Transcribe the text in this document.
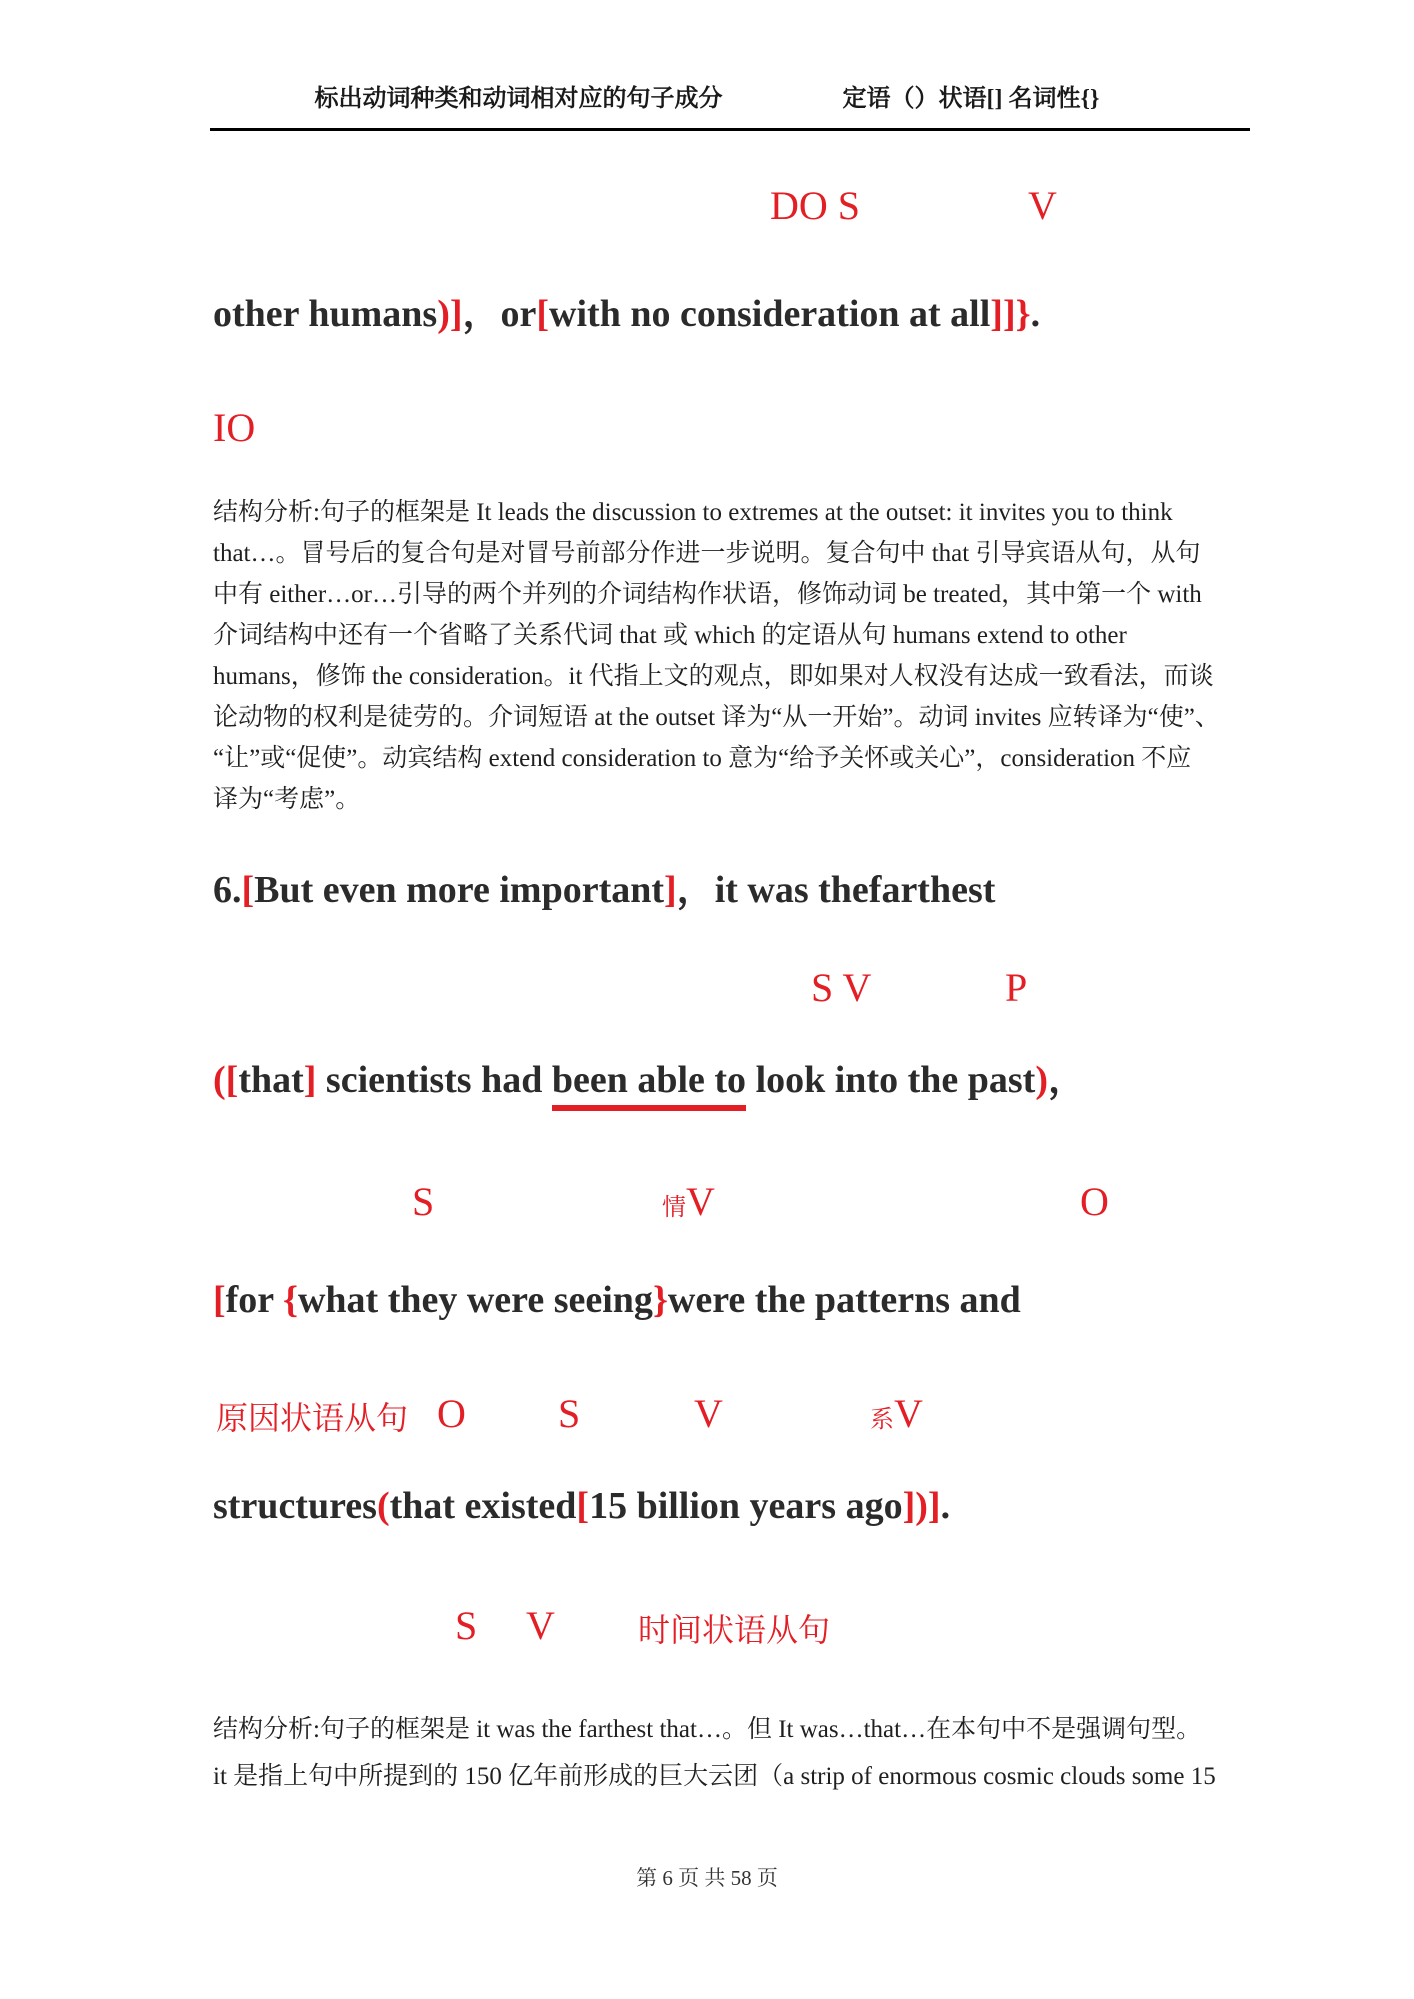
标出动词种类和动词相对应的句子成分	定语（）状语[] 名词性{}
DO S	V
other humans)]，or[with no consideration at all]]}.
IO
结构分析:句子的框架是 It leads the discussion to extremes at the outset: it invites you to think
that…。冒号后的复合句是对冒号前部分作进一步说明。复合句中 that 引导宾语从句，从句
中有 either…or…引导的两个并列的介词结构作状语，修饰动词 be treated，其中第一个 with
介词结构中还有一个省略了关系代词 that 或 which 的定语从句 humans extend to other
humans，修饰 the consideration。it 代指上文的观点，即如果对人权没有达成一致看法，而谈
论动物的权利是徒劳的。介词短语 at the outset 译为“从一开始”。动词 invites 应转译为“使”、
“让”或“促使”。动宾结构 extend consideration to 意为“给予关怀或关心”，consideration 不应
译为“考虑”。
6.[But even more important]，it was thefarthest
S V	P
([that] scientists had been able to look into the past)，
S	情V	O
[for {what they were seeing}were the patterns and
原因状语从句 O S	V	系V
structures(that existed[15 billion years ago])].
S V	时间状语从句
结构分析:句子的框架是 it was the farthest that…。但 It was…that…在本句中不是强调句型。
it 是指上句中所提到的 150 亿年前形成的巨大云团（a strip of enormous cosmic clouds some 15
第 6 页 共 58 页
